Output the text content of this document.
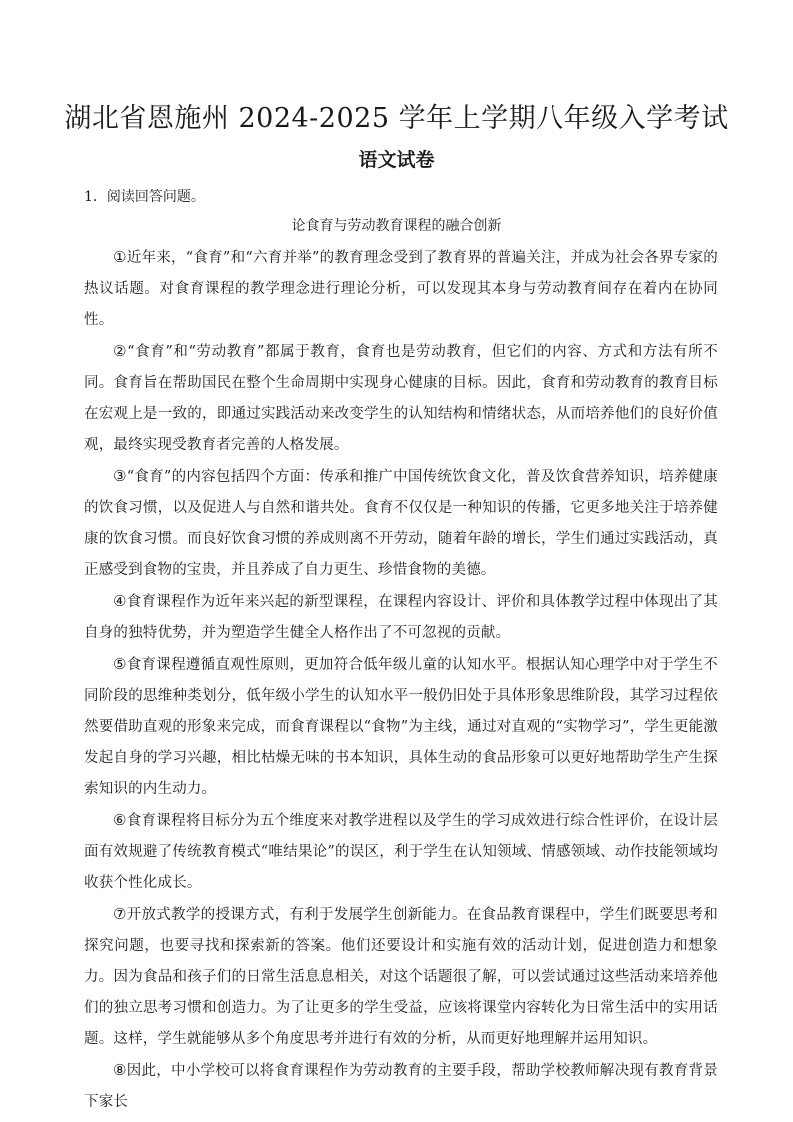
湖北省恩施州 2024-2025 学年上学期八年级入学考试
语文试卷
1．阅读回答问题。
论食育与劳动教育课程的融合创新

①近年来，“食育”和“六育并举”的教育理念受到了教育界的普遍关注，并成为社会各界专家的热议话题。对食育课程的教学理念进行理论分析，可以发现其本身与劳动教育间存在着内在协同性。

②“食育”和“劳动教育”都属于教育，食育也是劳动教育，但它们的内容、方式和方法有所不同。食育旨在帮助国民在整个生命周期中实现身心健康的目标。因此，食育和劳动教育的教育目标在宏观上是一致的，即通过实践活动来改变学生的认知结构和情绪状态，从而培养他们的良好价值观，最终实现受教育者完善的人格发展。

③“食育”的内容包括四个方面：传承和推广中国传统饮食文化，普及饮食营养知识，培养健康的饮食习惯，以及促进人与自然和谐共处。食育不仅仅是一种知识的传播，它更多地关注于培养健康的饮食习惯。而良好饮食习惯的养成则离不开劳动，随着年龄的增长，学生们通过实践活动，真正感受到食物的宝贵，并且养成了自力更生、珍惜食物的美德。

④食育课程作为近年来兴起的新型课程，在课程内容设计、评价和具体教学过程中体现出了其自身的独特优势，并为塑造学生健全人格作出了不可忽视的贡献。

⑤食育课程遵循直观性原则，更加符合低年级儿童的认知水平。根据认知心理学中对于学生不同阶段的思维种类划分，低年级小学生的认知水平一般仍旧处于具体形象思维阶段，其学习过程依然要借助直观的形象来完成，而食育课程以“食物”为主线，通过对直观的“实物学习”，学生更能激发起自身的学习兴趣，相比枯燥无味的书本知识，具体生动的食品形象可以更好地帮助学生产生探索知识的内生动力。

⑥食育课程将目标分为五个维度来对教学进程以及学生的学习成效进行综合性评价，在设计层面有效规避了传统教育模式“唯结果论”的误区，利于学生在认知领域、情感领域、动作技能领域均收获个性化成长。

⑦开放式教学的授课方式，有利于发展学生创新能力。在食品教育课程中，学生们既要思考和探究问题，也要寻找和探索新的答案。他们还要设计和实施有效的活动计划，促进创造力和想象力。因为食品和孩子们的日常生活息息相关，对这个话题很了解，可以尝试通过这些活动来培养他们的独立思考习惯和创造力。为了让更多的学生受益，应该将课堂内容转化为日常生活中的实用话题。这样，学生就能够从多个角度思考并进行有效的分析，从而更好地理解并运用知识。

⑧因此，中小学校可以将食育课程作为劳动教育的主要手段，帮助学校教师解决现有教育背景下家长
